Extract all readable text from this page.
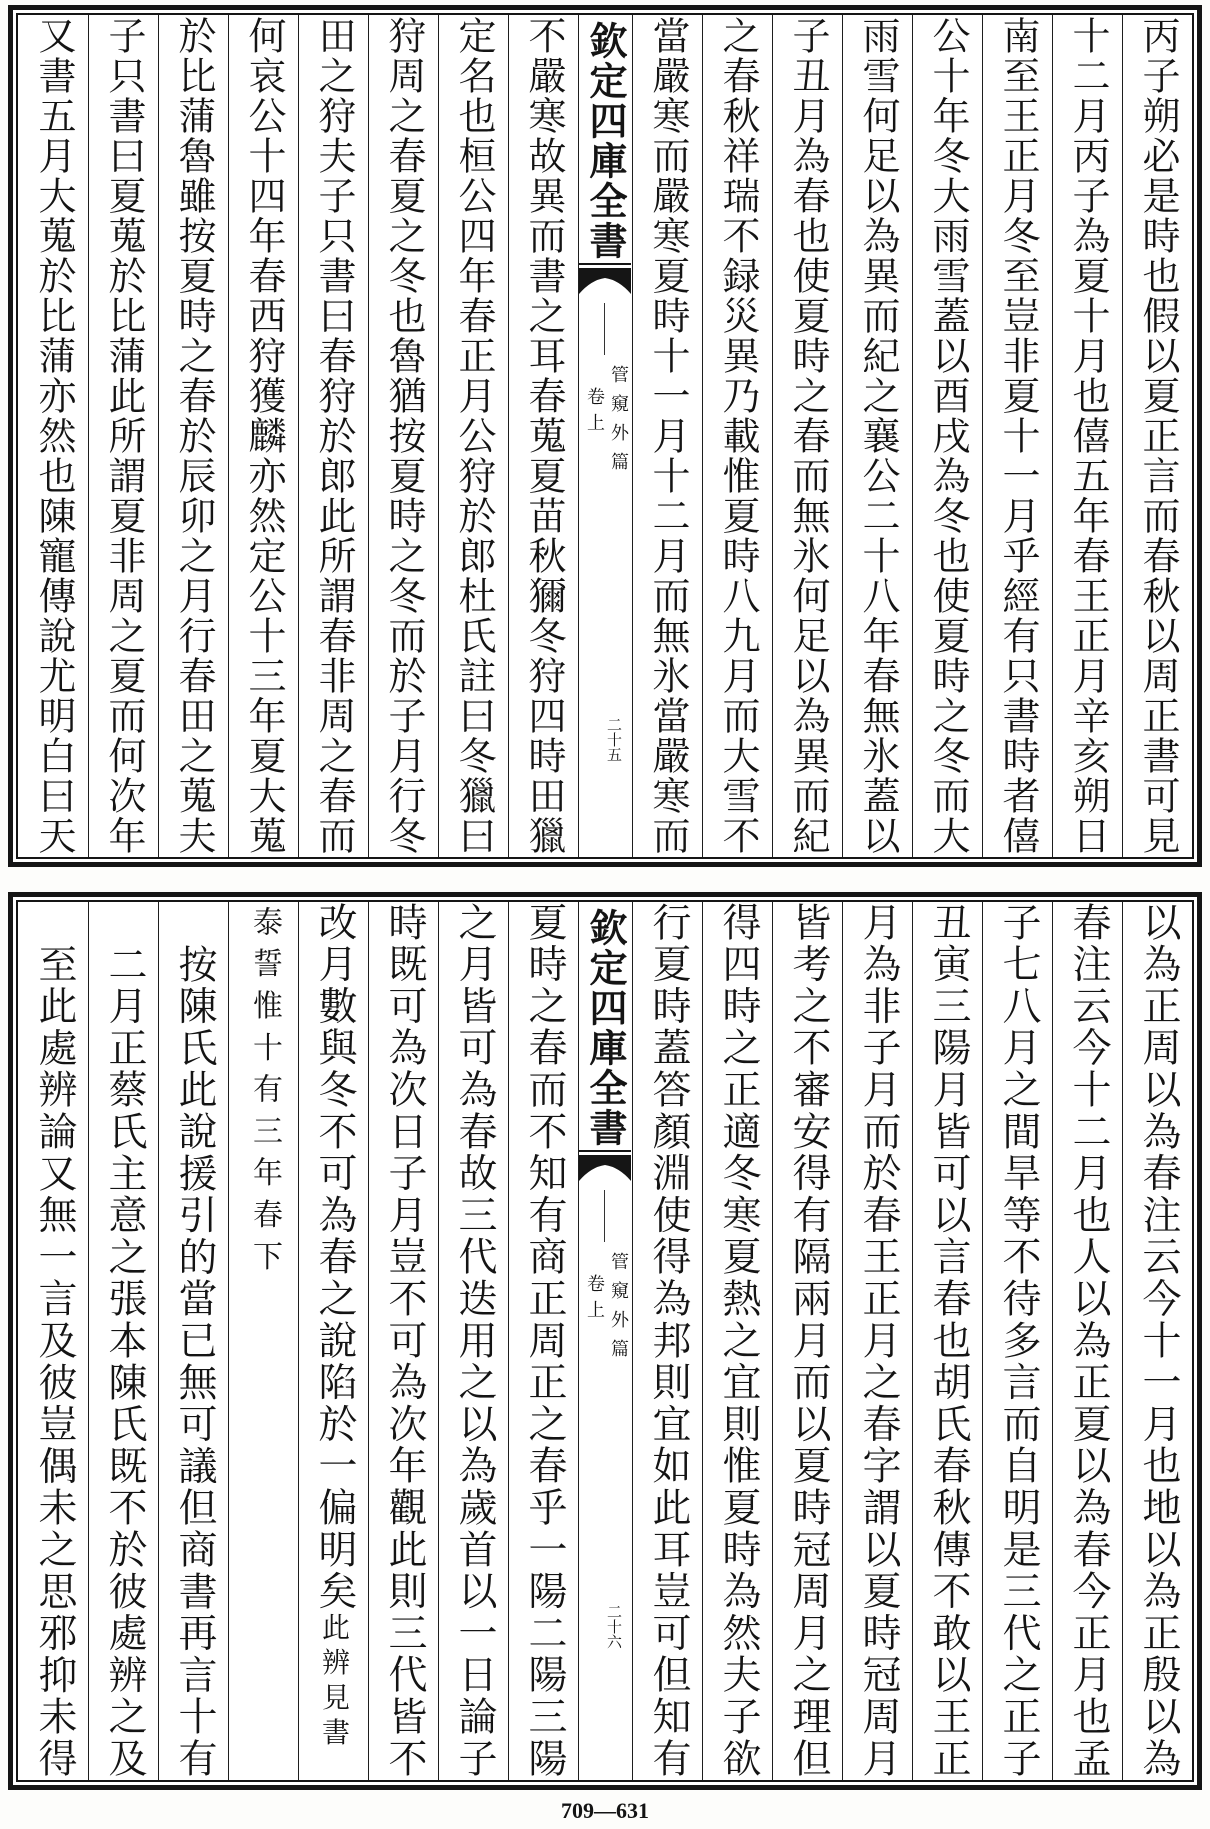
丙子朔必是時也假以夏正言而春秋以周正書可見
十二月丙子為夏十月也僖五年春王正月辛亥朔日
南至王正月冬至豈非夏十一月乎經有只書時者僖
公十年冬大雨雪蓋以酉戌為冬也使夏時之冬而大
雨雪何足以為異而紀之襄公二十八年春無氷蓋以
子丑月為春也使夏時之春而無氷何足以為異而紀
之春秋祥瑞不録災異乃載惟夏時八九月而大雪不
當嚴寒而嚴寒夏時十一月十二月而無氷當嚴寒而
欽定四庫全書
管窺外篇
卷上
二十五
不嚴寒故異而書之耳春蒐夏苗秋獮冬狩四時田獵
定名也桓公四年春正月公狩於郎杜氏註曰冬獵曰
狩周之春夏之冬也魯猶按夏時之冬而於子月行冬
田之狩夫子只書曰春狩於郎此所謂春非周之春而
何哀公十四年春西狩獲麟亦然定公十三年夏大蒐
於比蒲魯雖按夏時之春於辰卯之月行春田之蒐夫
子只書曰夏蒐於比蒲此所謂夏非周之夏而何次年
又書五月大蒐於比蒲亦然也陳寵傳說尤明白曰天
以為正周以為春注云今十一月也地以為正殷以為
春注云今十二月也人以為正夏以為春今正月也孟
子七八月之間旱等不待多言而自明是三代之正子
丑寅三陽月皆可以言春也胡氏春秋傳不敢以王正
月為非子月而於春王正月之春字謂以夏時冠周月
皆考之不審安得有隔兩月而以夏時冠周月之理但
得四時之正適冬寒夏熱之宜則惟夏時為然夫子欲
行夏時蓋答顏淵使得為邦則宜如此耳豈可但知有
欽定四庫全書
管窺外篇
卷上
二十六
夏時之春而不知有商正周正之春乎一陽二陽三陽
之月皆可為春故三代迭用之以為歲首以一日論子
時既可為次日子月豈不可為次年觀此則三代皆不
改月數與冬不可為春之說陷於一偏明矣此辨見書
泰誓惟十有三年春下
按陳氏此說援引的當已無可議但商書再言十有
二月正蔡氏主意之張本陳氏既不於彼處辨之及
至此處辨論又無一言及彼豈偶未之思邪抑未得
709—631
